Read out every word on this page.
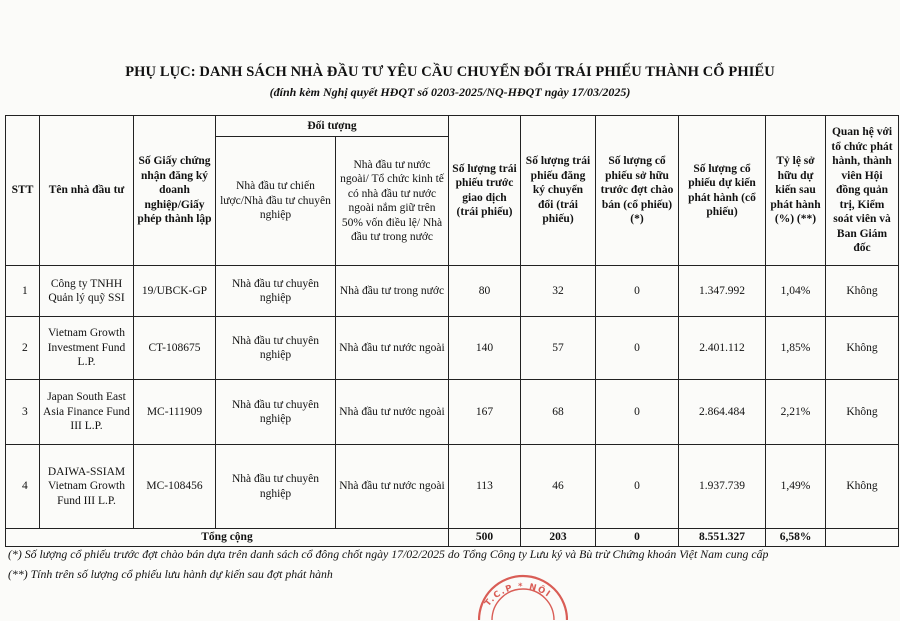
PHỤ LỤC: DANH SÁCH NHÀ ĐẦU TƯ YÊU CẦU CHUYỂN ĐỔI TRÁI PHIẾU THÀNH CỔ PHIẾU
(đính kèm Nghị quyết HĐQT số 0203-2025/NQ-HĐQT ngày 17/03/2025)
STT	Tên nhà đầu tư	Số Giấy chứng nhận đăng ký doanh nghiệp/Giấy phép thành lập	Đối tượng		Số lượng trái phiếu trước giao dịch (trái phiếu)	Số lượng trái phiếu đăng ký chuyển đổi (trái phiếu)	Số lượng cổ phiếu sở hữu trước đợt chào bán (cổ phiếu) (*)	Số lượng cổ phiếu dự kiến phát hành (cổ phiếu)	Tỷ lệ sở hữu dự kiến sau phát hành (%) (**)	Quan hệ với tổ chức phát hành, thành viên Hội đồng quản trị, Kiểm soát viên và Ban Giám đốc
			Nhà đầu tư chiến lược/Nhà đầu tư chuyên nghiệp	Nhà đầu tư nước ngoài/ Tổ chức kinh tế có nhà đầu tư nước ngoài nắm giữ trên 50% vốn điều lệ/ Nhà đầu tư trong nước						
1	Công ty TNHH Quản lý quỹ SSI	19/UBCK-GP	Nhà đầu tư chuyên nghiệp	Nhà đầu tư trong nước	80	32	0	1.347.992	1,04%	Không
2	Vietnam Growth Investment Fund L.P.	CT-108675	Nhà đầu tư chuyên nghiệp	Nhà đầu tư nước ngoài	140	57	0	2.401.112	1,85%	Không
3	Japan South East Asia Finance Fund III L.P.	MC-111909	Nhà đầu tư chuyên nghiệp	Nhà đầu tư nước ngoài	167	68	0	2.864.484	2,21%	Không
4	DAIWA-SSIAM Vietnam Growth Fund III L.P.	MC-108456	Nhà đầu tư chuyên nghiệp	Nhà đầu tư nước ngoài	113	46	0	1.937.739	1,49%	Không
Tổng cộng					500	203	0	8.551.327	6,58%	
(*) Số lượng cổ phiếu trước đợt chào bán dựa trên danh sách cổ đông chốt ngày 17/02/2025 do Tổng Công ty Lưu ký và Bù trừ Chứng khoán Việt Nam cung cấp
(**) Tính trên số lượng cổ phiếu lưu hành dự kiến sau đợt phát hành
T.C.P * NỘI
